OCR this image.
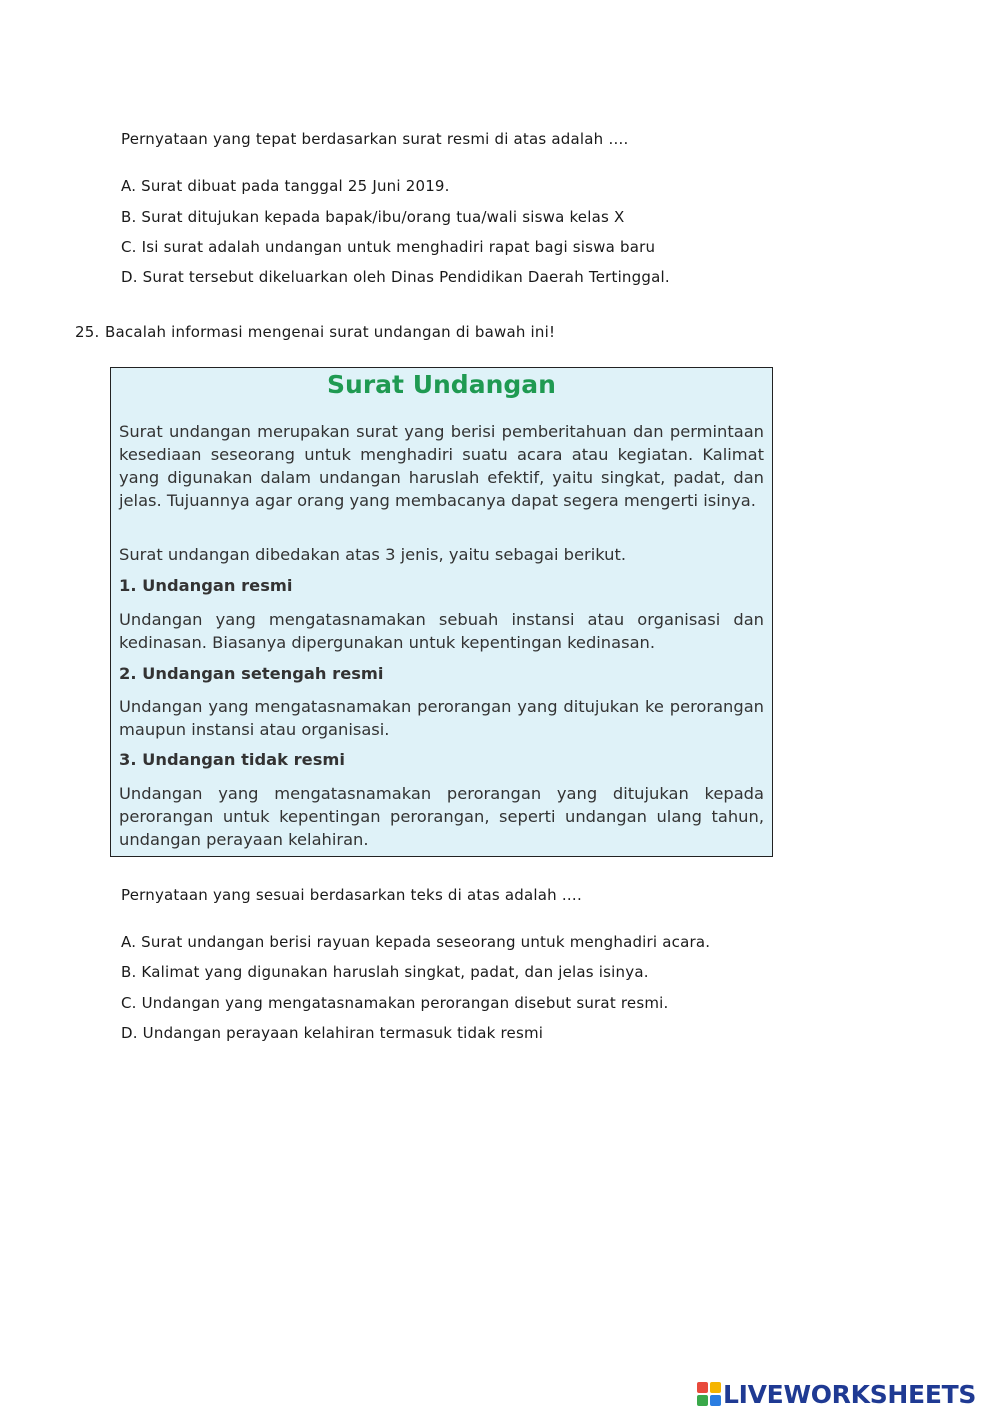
Pernyataan yang tepat berdasarkan surat resmi di atas adalah ….
A. Surat dibuat pada tanggal 25 Juni 2019.
B. Surat ditujukan kepada bapak/ibu/orang tua/wali siswa kelas X
C. Isi surat adalah undangan untuk menghadiri rapat bagi siswa baru
D. Surat tersebut dikeluarkan oleh Dinas Pendidikan Daerah Tertinggal.
25. Bacalah informasi mengenai surat undangan di bawah ini!
Surat Undangan
Surat undangan merupakan surat yang berisi pemberitahuan dan permintaan kesediaan seseorang untuk menghadiri suatu acara atau kegiatan. Kalimat yang digunakan dalam undangan haruslah efektif, yaitu singkat, padat, dan jelas. Tujuannya agar orang yang membacanya dapat segera mengerti isinya.
Surat undangan dibedakan atas 3 jenis, yaitu sebagai berikut.
1. Undangan resmi
Undangan yang mengatasnamakan sebuah instansi atau organisasi dan kedinasan. Biasanya dipergunakan untuk kepentingan kedinasan.
2. Undangan setengah resmi
Undangan yang mengatasnamakan perorangan yang ditujukan ke perorangan maupun instansi atau organisasi.
3. Undangan tidak resmi
Undangan yang mengatasnamakan perorangan yang ditujukan kepada perorangan untuk kepentingan perorangan, seperti undangan ulang tahun, undangan perayaan kelahiran.
Pernyataan yang sesuai berdasarkan teks di atas adalah ….
A. Surat undangan berisi rayuan kepada seseorang untuk menghadiri acara.
B. Kalimat yang digunakan haruslah singkat, padat, dan jelas isinya.
C. Undangan yang mengatasnamakan perorangan disebut surat resmi.
D. Undangan perayaan kelahiran termasuk tidak resmi
LIVEWORKSHEETS
